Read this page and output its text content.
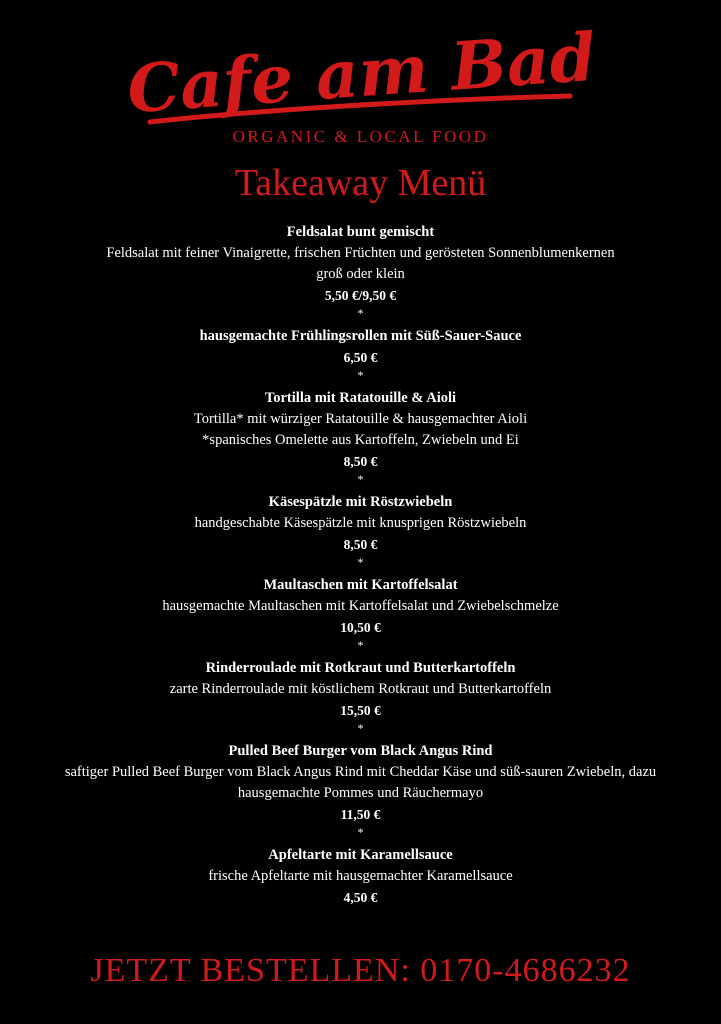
Cafe am Bad
ORGANIC & LOCAL FOOD
Takeaway Menü
Feldsalat bunt gemischt
Feldsalat mit feiner Vinaigrette, frischen Früchten und gerösteten Sonnenblumenkernen
groß oder klein
5,50 €/9,50 €
*
hausgemachte Frühlingsrollen mit Süß-Sauer-Sauce
6,50 €
*
Tortilla mit Ratatouille & Aioli
Tortilla* mit würziger Ratatouille & hausgemachter Aioli
*spanisches Omelette aus Kartoffeln, Zwiebeln und Ei
8,50 €
*
Käsespätzle mit Röstzwiebeln
handgeschabte Käsespätzle mit knusprigen Röstzwiebeln
8,50 €
*
Maultaschen mit Kartoffelsalat
hausgemachte Maultaschen mit Kartoffelsalat und Zwiebelschmelze
10,50 €
*
Rinderroulade mit Rotkraut und Butterkartoffeln
zarte Rinderroulade mit köstlichem Rotkraut und Butterkartoffeln
15,50 €
*
Pulled Beef Burger vom Black Angus Rind
saftiger Pulled Beef Burger vom Black Angus Rind mit Cheddar Käse und süß-sauren Zwiebeln, dazu
hausgemachte Pommes und Räuchermayo
11,50 €
*
Apfeltarte mit Karamellsauce
frische Apfeltarte mit hausgemachter Karamellsauce
4,50 €
JETZT BESTELLEN: 0170-4686232
